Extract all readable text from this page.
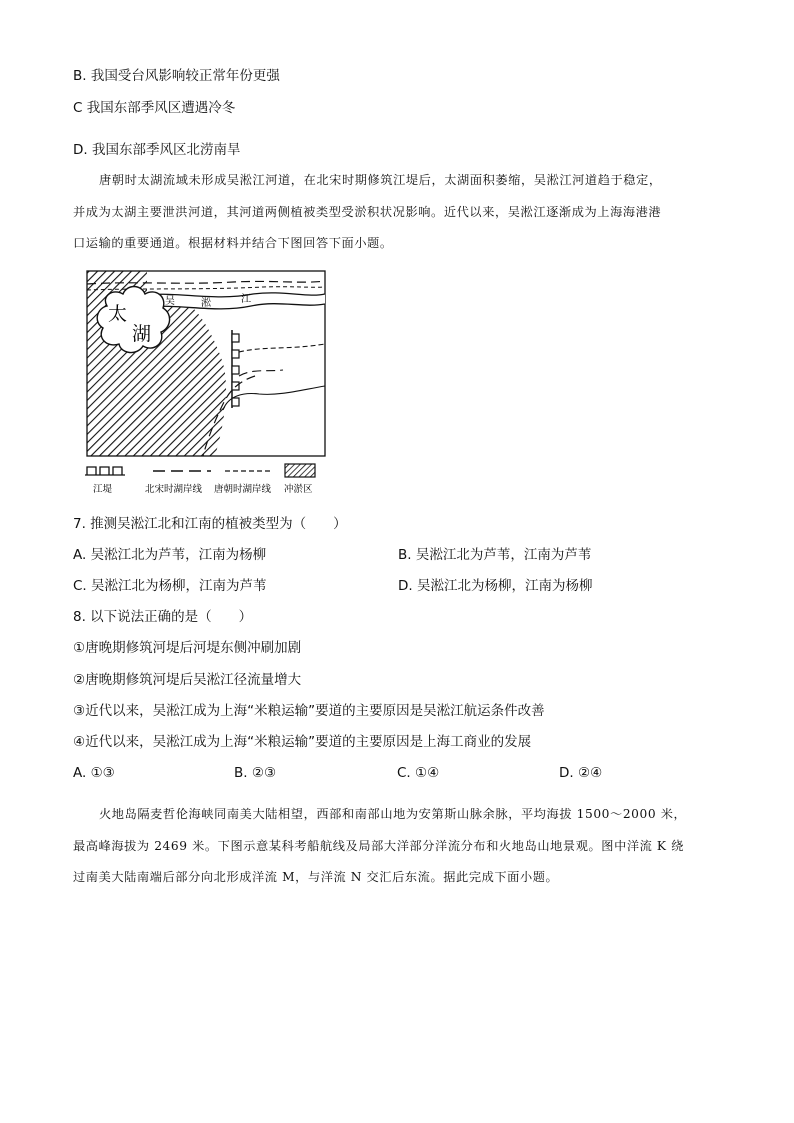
B. 我国受台风影响较正常年份更强
C 我国东部季风区遭遇冷冬
D. 我国东部季风区北涝南旱
唐朝时太湖流域未形成吴淞江河道，在北宋时期修筑江堤后，太湖面积萎缩，吴淞江河道趋于稳定，
并成为太湖主要泄洪河道，其河道两侧植被类型受淤积状况影响。近代以来，吴淞江逐渐成为上海海港港
口运输的重要通道。根据材料并结合下图回答下面小题。
太
湖
吴	淞	江
江堤	北宋时湖岸线 唐朝时湖岸线 冲淤区
7. 推测吴淞江北和江南的植被类型为（　　）
A. 吴淞江北为芦苇，江南为杨柳	B. 吴淞江北为芦苇，江南为芦苇
C. 吴淞江北为杨柳，江南为芦苇	D. 吴淞江北为杨柳，江南为杨柳
8. 以下说法正确的是（　　）
①唐晚期修筑河堤后河堤东侧冲刷加剧
②唐晚期修筑河堤后吴淞江径流量增大
③近代以来，吴淞江成为上海“米粮运输”要道的主要原因是吴淞江航运条件改善
④近代以来，吴淞江成为上海“米粮运输”要道的主要原因是上海工商业的发展
A. ①③	B. ②③	C. ①④	D. ②④
火地岛隔麦哲伦海峡同南美大陆相望，西部和南部山地为安第斯山脉余脉，平均海拔 1500～2000 米，
最高峰海拔为 2469 米。下图示意某科考船航线及局部大洋部分洋流分布和火地岛山地景观。图中洋流 K 绕
过南美大陆南端后部分向北形成洋流 M，与洋流 N 交汇后东流。据此完成下面小题。
